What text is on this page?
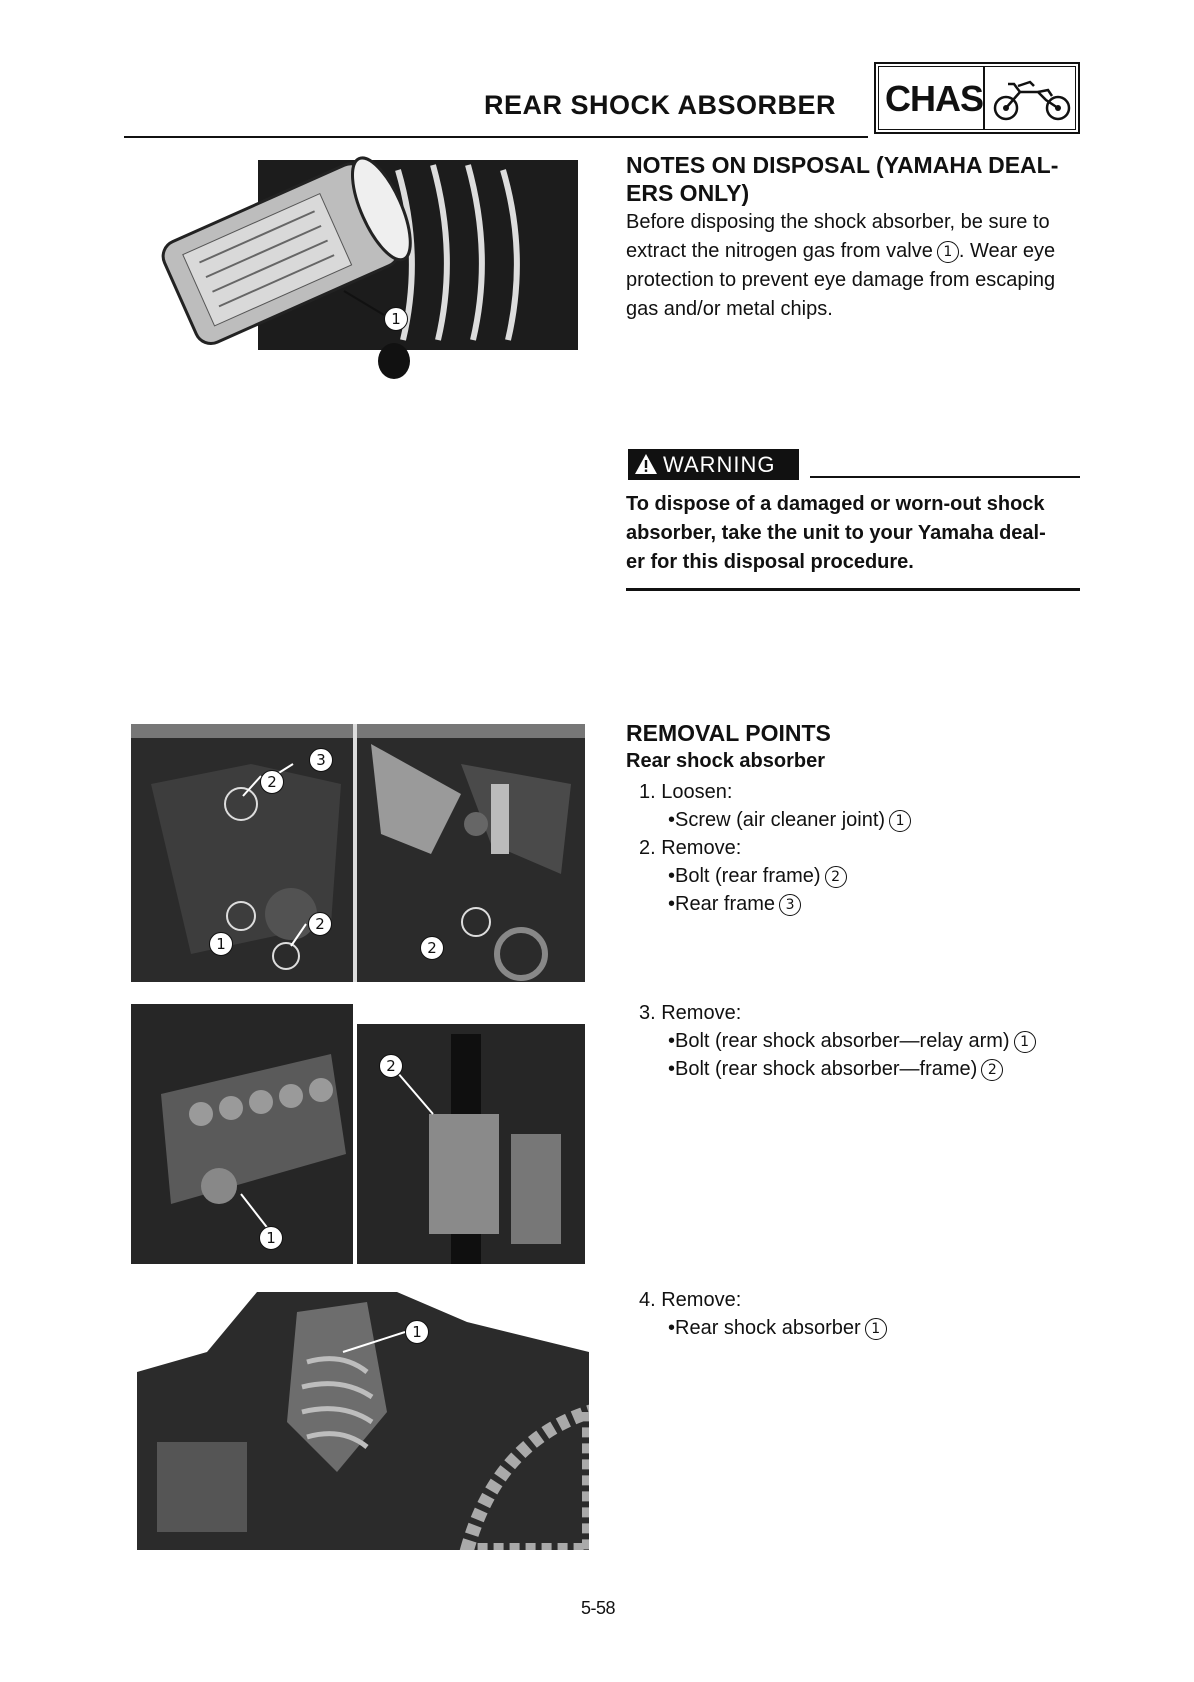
REAR SHOCK ABSORBER CHAS
1
NOTES ON DISPOSAL (YAMAHA DEAL-
ERS ONLY)
Before disposing the shock absorber, be sure to
extract the nitrogen gas from valve 1 . Wear eye
protection to prevent eye damage from escaping
gas and/or metal chips.
WARNING
To dispose of a damaged or worn-out shock
absorber, take the unit to your Yamaha deal-
er for this disposal procedure.
2
3
1
2
2
REMOVAL POINTS
Rear shock absorber
1. Loosen:
•Screw (air cleaner joint) 1
2. Remove:
•Bolt (rear frame) 2
•Rear frame 3
2
1
3. Remove:
•Bolt (rear shock absorber—relay arm) 1
•Bolt (rear shock absorber—frame) 2
1
4. Remove:
•Rear shock absorber 1
5-58
